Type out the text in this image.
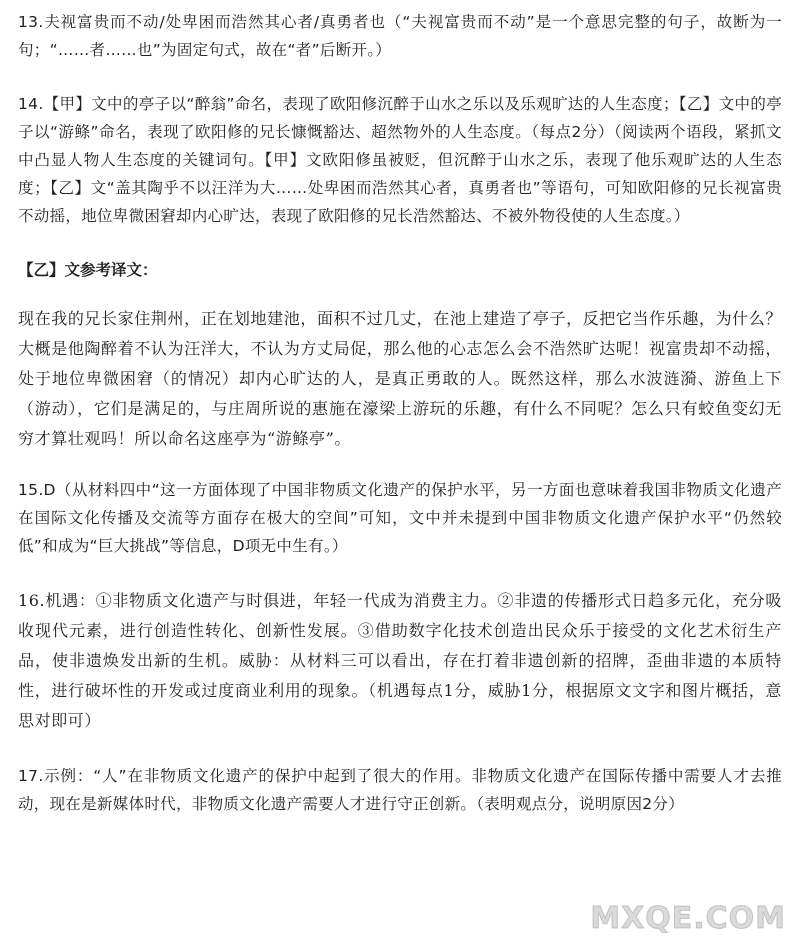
13.夫视富贵而不动/处卑困而浩然其心者/真勇者也（“夫视富贵而不动”是一个意思完整的句子，故断为一句；“……者……也”为固定句式，故在“者”后断开。）

14.【甲】文中的亭子以“醉翁”命名，表现了欧阳修沉醉于山水之乐以及乐观旷达的人生态度；【乙】文中的亭子以“游鲦”命名，表现了欧阳修的兄长慷慨豁达、超然物外的人生态度。（每点2分）（阅读两个语段，紧抓文中凸显人物人生态度的关键词句。【甲】文欧阳修虽被贬，但沉醉于山水之乐，表现了他乐观旷达的人生态度；【乙】文“盖其陶乎不以汪洋为大……处卑困而浩然其心者，真勇者也”等语句，可知欧阳修的兄长视富贵不动摇，地位卑微困窘却内心旷达，表现了欧阳修的兄长浩然豁达、不被外物役使的人生态度。）

【乙】文参考译文：

现在我的兄长家住荆州，正在划地建池，面积不过几丈，在池上建造了亭子，反把它当作乐趣，为什么？大概是他陶醉着不认为汪洋大，不认为方丈局促，那么他的心志怎么会不浩然旷达呢！视富贵却不动摇，处于地位卑微困窘（的情况）却内心旷达的人，是真正勇敢的人。既然这样，那么水波涟漪、游鱼上下（游动），它们是满足的，与庄周所说的惠施在濠梁上游玩的乐趣，有什么不同呢？怎么只有蛟鱼变幻无穷才算壮观吗！所以命名这座亭为“游鲦亭”。

15.D（从材料四中“这一方面体现了中国非物质文化遗产的保护水平，另一方面也意味着我国非物质文化遗产在国际文化传播及交流等方面存在极大的空间”可知，文中并未提到中国非物质文化遗产保护水平“仍然较低”和成为“巨大挑战”等信息，D项无中生有。）

16.机遇：①非物质文化遗产与时俱进，年轻一代成为消费主力。②非遗的传播形式日趋多元化，充分吸收现代元素，进行创造性转化、创新性发展。③借助数字化技术创造出民众乐于接受的文化艺术衍生产品，使非遗焕发出新的生机。威胁：从材料三可以看出，存在打着非遗创新的招牌，歪曲非遗的本质特性，进行破坏性的开发或过度商业利用的现象。（机遇每点1分，威胁1分，根据原文文字和图片概括，意思对即可）

17.示例：“人”在非物质文化遗产的保护中起到了很大的作用。非物质文化遗产在国际传播中需要人才去推动，现在是新媒体时代，非物质文化遗产需要人才进行守正创新。（表明观点分，说明原因2分）

MXQE.COM
